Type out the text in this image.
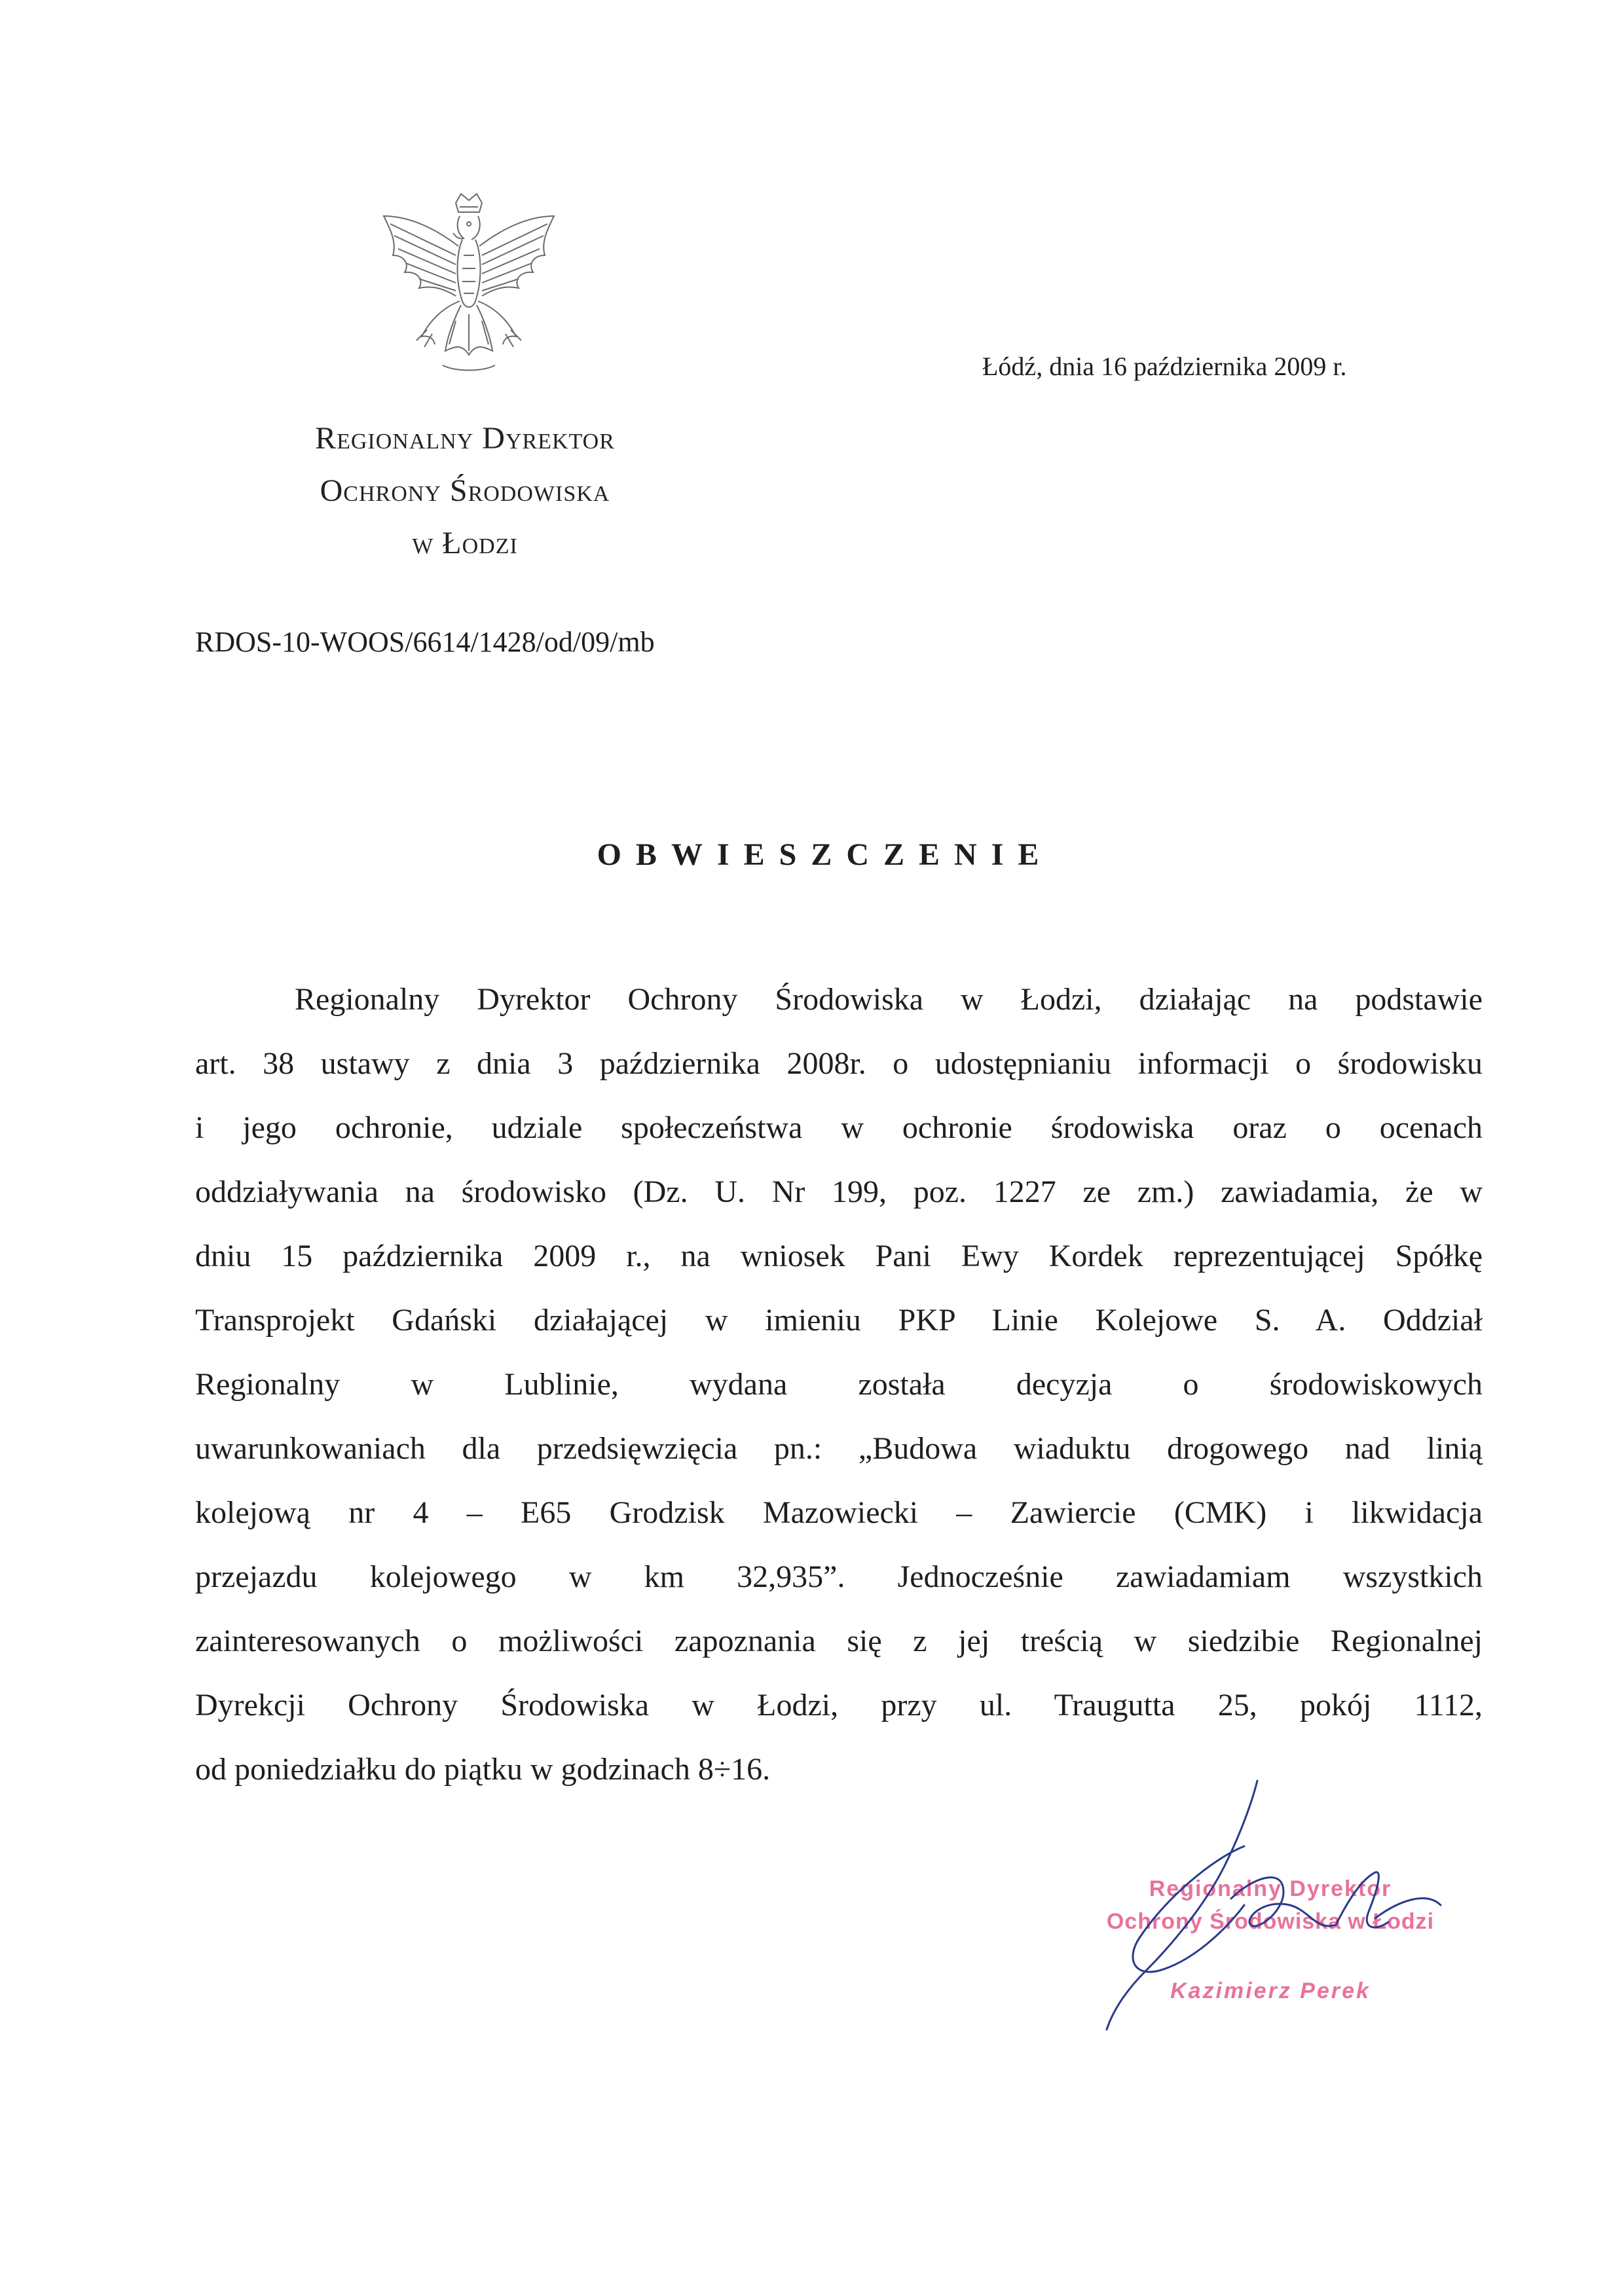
Łódź, dnia 16 października 2009 r.
Regionalny Dyrektor
Ochrony Środowiska
w Łodzi
RDOS-10-WOOS/6614/1428/od/09/mb
OBWIESZCZENIE
Regionalny Dyrektor Ochrony Środowiska w Łodzi, działając na podstawie
art. 38 ustawy z dnia 3 października 2008r. o udostępnianiu informacji o środowisku
i jego ochronie, udziale społeczeństwa w ochronie środowiska oraz o ocenach
oddziaływania na środowisko (Dz. U. Nr 199, poz. 1227 ze zm.) zawiadamia, że w
dniu 15 października 2009 r., na wniosek Pani Ewy Kordek reprezentującej Spółkę
Transprojekt Gdański działającej w imieniu PKP Linie Kolejowe S. A. Oddział
Regionalny w Lublinie, wydana została decyzja o środowiskowych
uwarunkowaniach dla przedsięwzięcia pn.: „Budowa wiaduktu drogowego nad linią
kolejową nr 4 – E65 Grodzisk Mazowiecki – Zawiercie (CMK) i likwidacja
przejazdu kolejowego w km 32,935”. Jednocześnie zawiadamiam wszystkich
zainteresowanych o możliwości zapoznania się z jej treścią w siedzibie Regionalnej
Dyrekcji Ochrony Środowiska w Łodzi, przy ul. Traugutta 25, pokój 1112,
od poniedziałku do piątku w godzinach 8÷16.
Regionalny Dyrektor
Ochrony Środowiska w Łodzi
Kazimierz Perek
